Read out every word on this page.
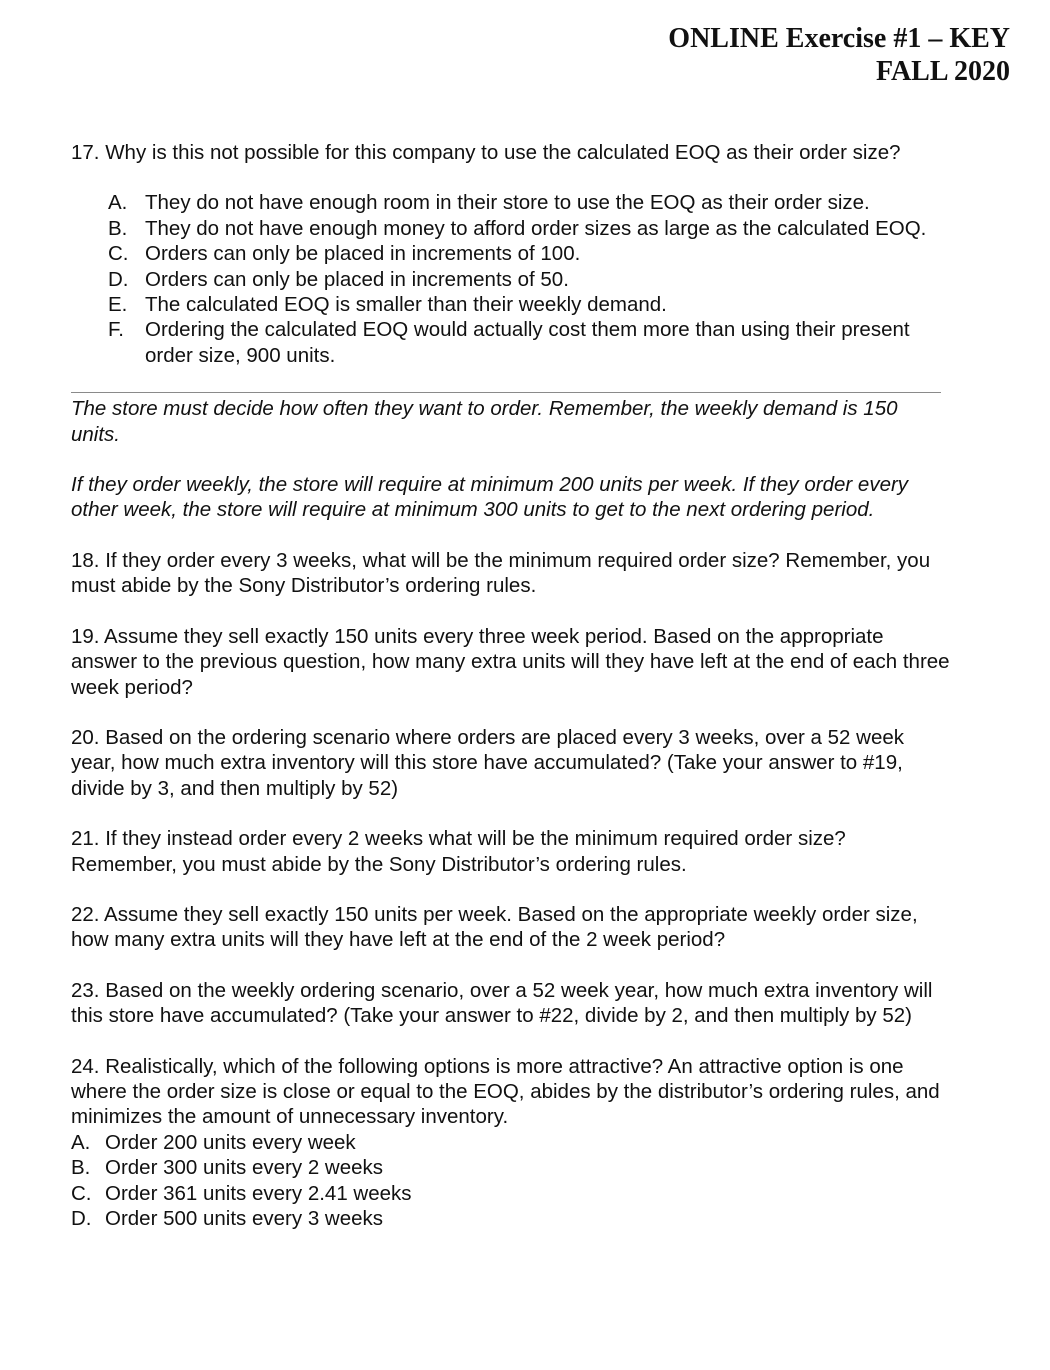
ONLINE Exercise #1 – KEY
FALL 2020

17. Why is this not possible for this company to use the calculated EOQ as their order size?

A. They do not have enough room in their store to use the EOQ as their order size.
B. They do not have enough money to afford order sizes as large as the calculated EOQ.
C. Orders can only be placed in increments of 100.
D. Orders can only be placed in increments of 50.
E. The calculated EOQ is smaller than their weekly demand.
F. Ordering the calculated EOQ would actually cost them more than using their present order size, 900 units.

The store must decide how often they want to order. Remember, the weekly demand is 150 units.

If they order weekly, the store will require at minimum 200 units per week. If they order every other week, the store will require at minimum 300 units to get to the next ordering period.

18. If they order every 3 weeks, what will be the minimum required order size? Remember, you must abide by the Sony Distributor’s ordering rules.

19. Assume they sell exactly 150 units every three week period. Based on the appropriate answer to the previous question, how many extra units will they have left at the end of each three week period?

20. Based on the ordering scenario where orders are placed every 3 weeks, over a 52 week year, how much extra inventory will this store have accumulated? (Take your answer to #19, divide by 3, and then multiply by 52)

21. If they instead order every 2 weeks what will be the minimum required order size? Remember, you must abide by the Sony Distributor’s ordering rules.

22. Assume they sell exactly 150 units per week. Based on the appropriate weekly order size, how many extra units will they have left at the end of the 2 week period?

23. Based on the weekly ordering scenario, over a 52 week year, how much extra inventory will this store have accumulated? (Take your answer to #22, divide by 2, and then multiply by 52)

24. Realistically, which of the following options is more attractive? An attractive option is one where the order size is close or equal to the EOQ, abides by the distributor’s ordering rules, and minimizes the amount of unnecessary inventory.

A. Order 200 units every week
B. Order 300 units every 2 weeks
C. Order 361 units every 2.41 weeks
D. Order 500 units every 3 weeks
